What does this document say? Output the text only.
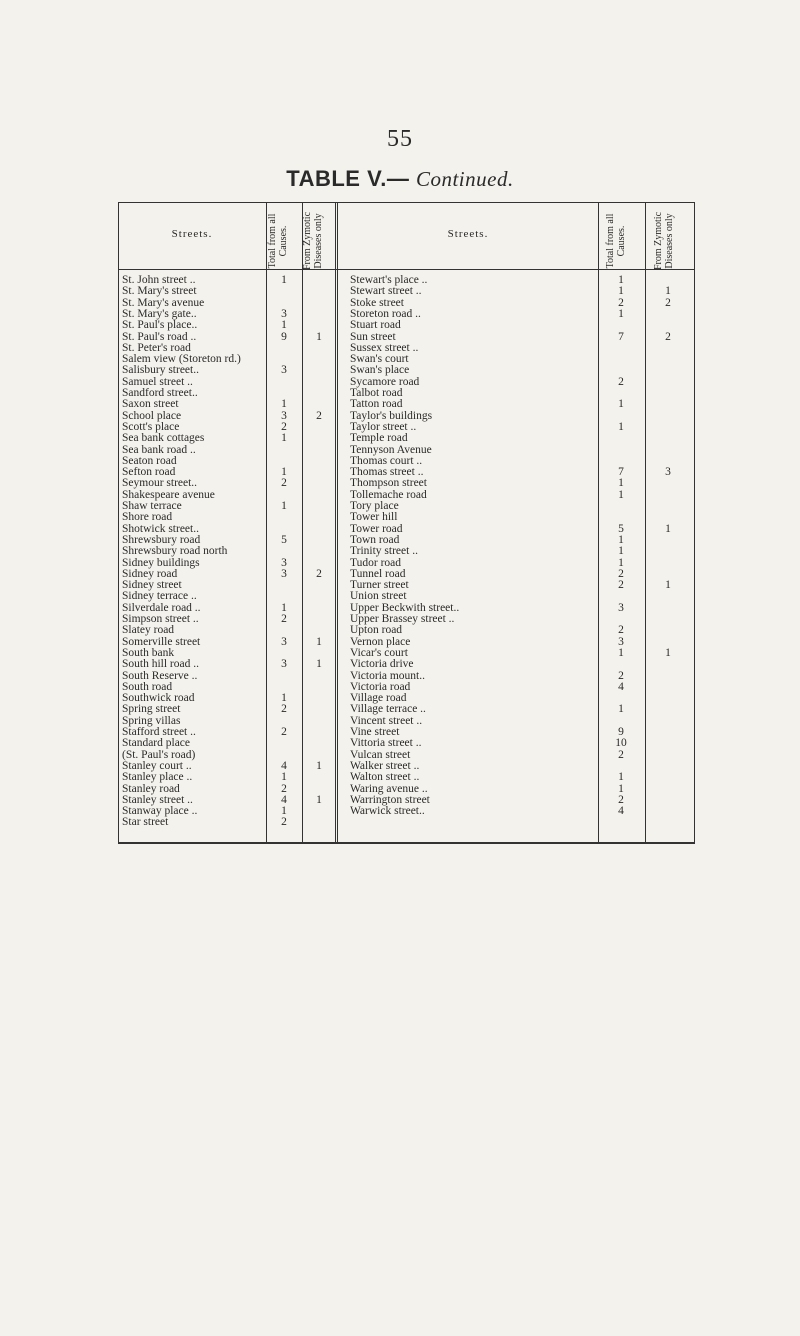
55
TABLE V.— Continued.
Streets.	Total from all Causes.	From Zymotic Diseases only	Streets.	Total from all Causes.	From Zymotic Diseases only
St. John street ..	1
St. Mary's street
St. Mary's avenue
St. Mary's gate..	3
St. Paul's place..	1
St. Paul's road ..	9	1
St. Peter's road
Salem view (Storeton rd.)
Salisbury street..	3
Samuel street ..
Sandford street..
Saxon street	1
School place	3	2
Scott's place	2
Sea bank cottages	1
Sea bank road ..
Seaton road
Sefton road	1
Seymour street..	2
Shakespeare avenue
Shaw terrace	1
Shore road
Shotwick street..
Shrewsbury road	5
Shrewsbury road north
Sidney buildings	3
Sidney road	3	2
Sidney street
Sidney terrace ..
Silverdale road ..	1
Simpson street ..	2
Slatey road
Somerville street	3	1
South bank
South hill road ..	3	1
South Reserve ..
South road
Southwick road	1
Spring street	2
Spring villas
Stafford street ..	2
Standard place
(St. Paul's road)
Stanley court ..	4	1
Stanley place ..	1
Stanley road	2
Stanley street ..	4	1
Stanway place ..	1
Star street	2
Stewart's place ..	1
Stewart street ..	1	1
Stoke street	2	2
Storeton road ..	1
Stuart road
Sun street	7	2
Sussex street ..
Swan's court
Swan's place
Sycamore road	2
Talbot road
Tatton road	1
Taylor's buildings
Taylor street ..	1
Temple road
Tennyson Avenue
Thomas court ..
Thomas street ..	7	3
Thompson street	1
Tollemache road	1
Tory place
Tower hill
Tower road	5	1
Town road	1
Trinity street ..	1
Tudor road	1
Tunnel road	2
Turner street	2	1
Union street
Upper Beckwith street..	3
Upper Brassey street ..
Upton road	2
Vernon place	3
Vicar's court	1	1
Victoria drive
Victoria mount..	2
Victoria road	4
Village road
Village terrace ..	1
Vincent street ..
Vine street	9
Vittoria street ..	10
Vulcan street	2
Walker street ..
Walton street ..	1
Waring avenue ..	1
Warrington street	2
Warwick street..	4
